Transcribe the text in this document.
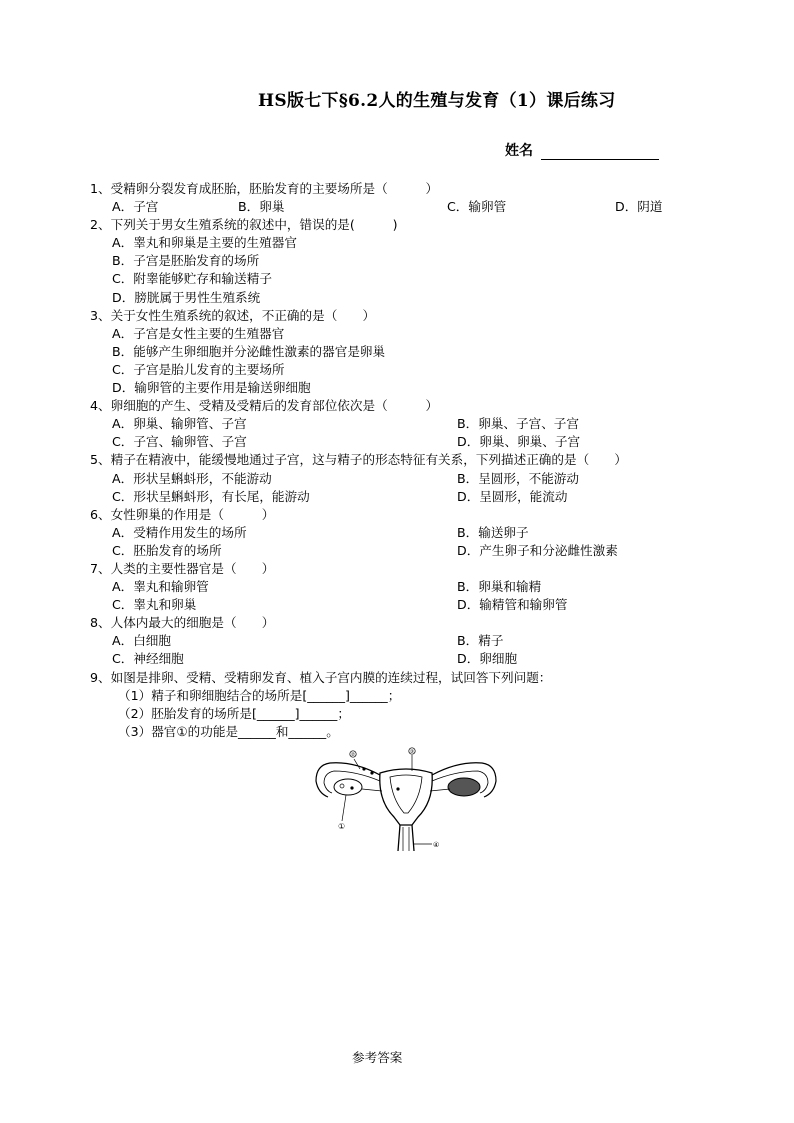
HS版七下§6.2人的生殖与发育（1）课后练习
姓名
1、受精卵分裂发育成胚胎，胚胎发育的主要场所是（　　　）
A．子宫	B．卵巢	C．输卵管	D．阴道
2、下列关于男女生殖系统的叙述中，错误的是(　　　)
A．睾丸和卵巢是主要的生殖器官
B．子宫是胚胎发育的场所
C．附睾能够贮存和输送精子
D．膀胱属于男性生殖系统
3、关于女性生殖系统的叙述，不正确的是（　　）
A．子宫是女性主要的生殖器官
B．能够产生卵细胞并分泌雌性激素的器官是卵巢
C．子宫是胎儿发育的主要场所
D．输卵管的主要作用是输送卵细胞
4、卵细胞的产生、受精及受精后的发育部位依次是（　　　）
A．卵巢、输卵管、子宫	B．卵巢、子宫、子宫
C．子宫、输卵管、子宫	D．卵巢、卵巢、子宫
5、精子在精液中，能缓慢地通过子宫，这与精子的形态特征有关系，下列描述正确的是（　　）
A．形状呈蝌蚪形，不能游动	B．呈圆形，不能游动
C．形状呈蝌蚪形，有长尾，能游动	D．呈圆形，能流动
6、女性卵巢的作用是（　　　）
A．受精作用发生的场所	B．输送卵子
C．胚胎发育的场所	D．产生卵子和分泌雌性激素
7、人类的主要性器官是（　　）
A．睾丸和输卵管	B．卵巢和输精
C．睾丸和卵巢	D．输精管和输卵管
8、人体内最大的细胞是（　　）
A．白细胞	B．精子
C．神经细胞	D．卵细胞
9、如图是排卵、受精、受精卵发育、植入子宫内膜的连续过程，试回答下列问题：
（1）精子和卵细胞结合的场所是[______]______；
（2）胚胎发育的场所是[______]______；
（3）器官①的功能是______和______。
②	③
①
④
参考答案
